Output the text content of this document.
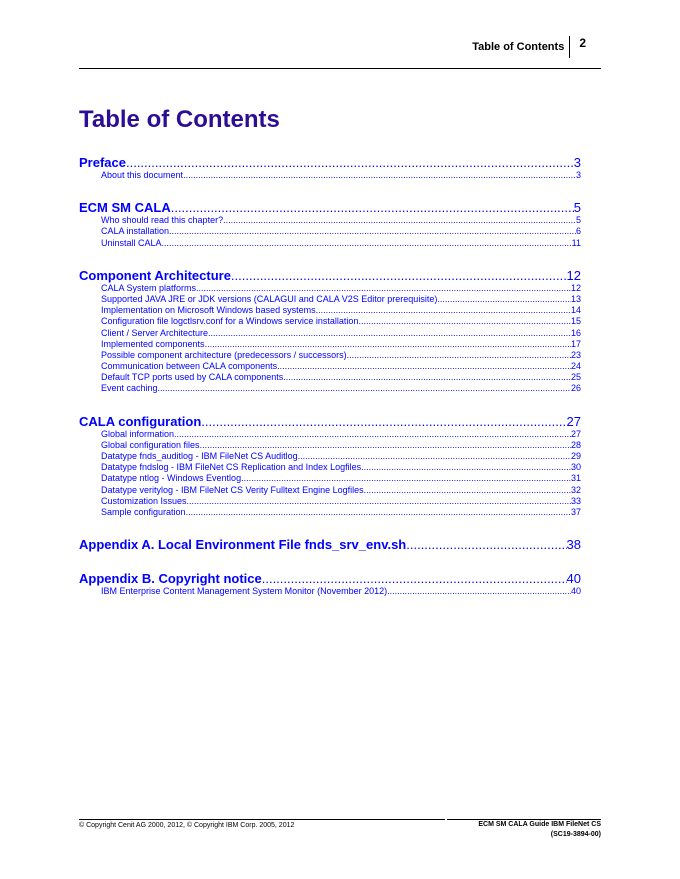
Table of Contents	2
Table of Contents
Preface .....	3
About this document .....	3
ECM SM CALA .....	5
Who should read this chapter? .....	5
CALA installation .....	6
Uninstall CALA .....	11
Component Architecture .....	12
CALA System platforms .....	12
Supported JAVA JRE or JDK versions (CALAGUI and CALA V2S Editor prerequisite) .....	13
Implementation on Microsoft Windows based systems .....	14
Configuration file logctlsrv.conf for a Windows service installation .....	15
Client / Server Architecture .....	16
Implemented components .....	17
Possible component architecture (predecessors / successors) .....	23
Communication between CALA components .....	24
Default TCP ports used by CALA components .....	25
Event caching .....	26
CALA configuration .....	27
Global information .....	27
Global configuration files .....	28
Datatype fnds_auditlog - IBM FileNet CS Auditlog .....	29
Datatype fndslog - IBM FileNet CS Replication and Index Logfiles .....	30
Datatype ntlog - Windows Eventlog .....	31
Datatype veritylog - IBM FileNet CS Verity Fulltext Engine Logfiles .....	32
Customization Issues .....	33
Sample configuration .....	37
Appendix A. Local Environment File fnds_srv_env.sh .....	38
Appendix B. Copyright notice .....	40
IBM Enterprise Content Management System Monitor (November 2012) .....	40
© Copyright Cenit AG 2000, 2012, © Copyright IBM Corp. 2005, 2012	ECM SM CALA Guide IBM FileNet CS
(SC19-3894-00)
